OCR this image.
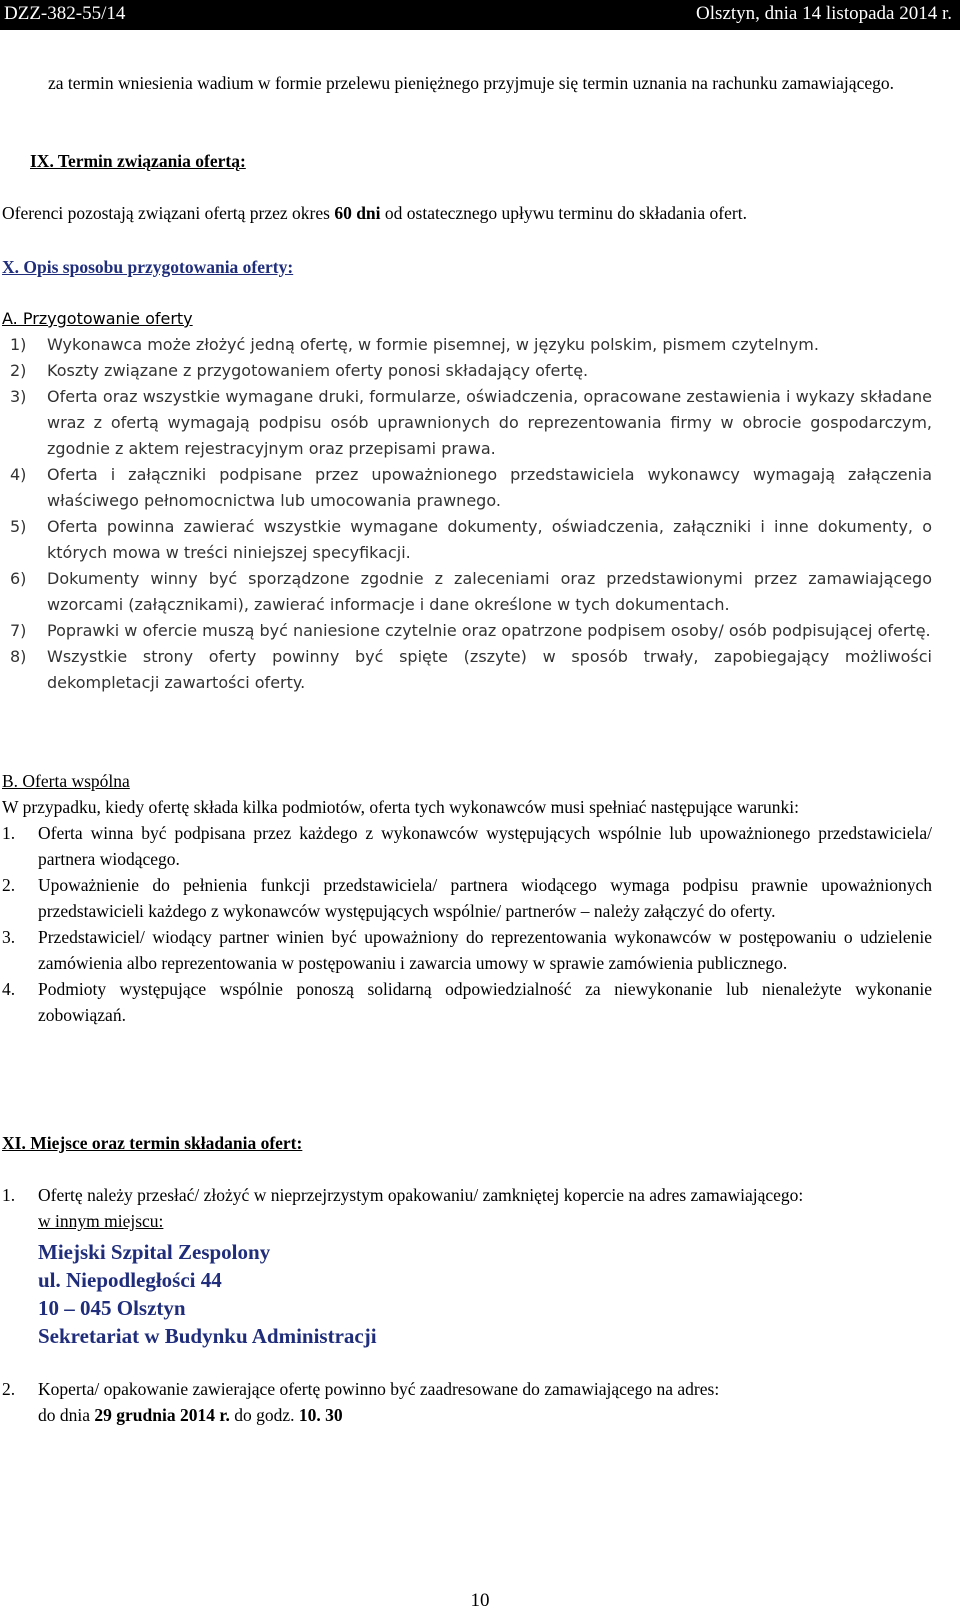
DZZ-382-55/14	Olsztyn, dnia 14 listopada 2014 r.
za termin wniesienia wadium w formie przelewu pieniężnego przyjmuje się termin uznania na rachunku zamawiającego.
IX. Termin związania ofertą:
Oferenci pozostają związani ofertą przez okres 60 dni od ostatecznego upływu terminu do składania ofert.
X. Opis sposobu przygotowania oferty:
A. Przygotowanie oferty
1) Wykonawca może złożyć jedną ofertę, w formie pisemnej, w języku polskim, pismem czytelnym.
2) Koszty związane z przygotowaniem oferty ponosi składający ofertę.
3) Oferta oraz wszystkie wymagane druki, formularze, oświadczenia, opracowane zestawienia i wykazy składane wraz z ofertą wymagają podpisu osób uprawnionych do reprezentowania firmy w obrocie gospodarczym, zgodnie z aktem rejestracyjnym oraz przepisami prawa.
4) Oferta i załączniki podpisane przez upoważnionego przedstawiciela wykonawcy wymagają załączenia właściwego pełnomocnictwa lub umocowania prawnego.
5) Oferta powinna zawierać wszystkie wymagane dokumenty, oświadczenia, załączniki i inne dokumenty, o których mowa w treści niniejszej specyfikacji.
6) Dokumenty winny być sporządzone zgodnie z zaleceniami oraz przedstawionymi przez zamawiającego wzorcami (załącznikami), zawierać informacje i dane określone w tych dokumentach.
7) Poprawki w ofercie muszą być naniesione czytelnie oraz opatrzone podpisem osoby/ osób podpisującej ofertę.
8) Wszystkie strony oferty powinny być spięte (zszyte) w sposób trwały, zapobiegający możliwości dekompletacji zawartości oferty.
B. Oferta wspólna
W przypadku, kiedy ofertę składa kilka podmiotów, oferta tych wykonawców musi spełniać następujące warunki:
1. Oferta winna być podpisana przez każdego z wykonawców występujących wspólnie lub upoważnionego przedstawiciela/ partnera wiodącego.
2. Upoważnienie do pełnienia funkcji przedstawiciela/ partnera wiodącego wymaga podpisu prawnie upoważnionych przedstawicieli każdego z wykonawców występujących wspólnie/ partnerów – należy załączyć do oferty.
3. Przedstawiciel/ wiodący partner winien być upoważniony do reprezentowania wykonawców w postępowaniu o udzielenie zamówienia albo reprezentowania w postępowaniu i zawarcia umowy w sprawie zamówienia publicznego.
4. Podmioty występujące wspólnie ponoszą solidarną odpowiedzialność za niewykonanie lub nienależyte wykonanie zobowiązań.
XI. Miejsce oraz termin składania ofert:
1. Ofertę należy przesłać/ złożyć w nieprzejrzystym opakowaniu/ zamkniętej kopercie na adres zamawiającego:
w innym miejscu:
Miejski Szpital Zespolony
ul. Niepodległości 44
10 – 045 Olsztyn
Sekretariat w Budynku Administracji
2. Koperta/ opakowanie zawierające ofertę powinno być zaadresowane do zamawiającego na adres:
do dnia 29 grudnia 2014 r. do godz. 10. 30
10
